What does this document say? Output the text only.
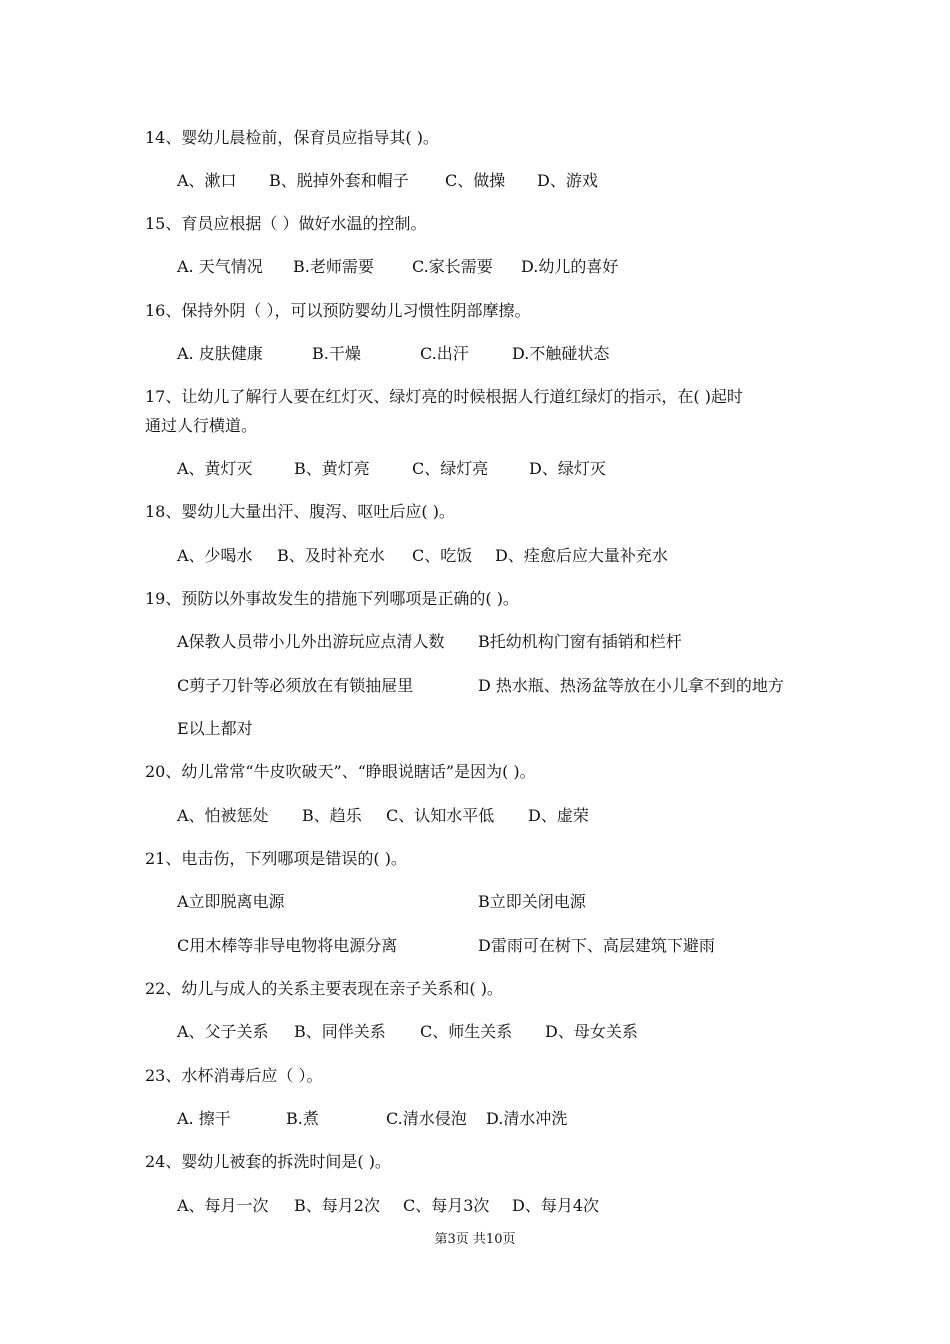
14、婴幼儿晨检前，保育员应指导其( )。
A、漱口 B、脱掉外套和帽子 C、做操 D、游戏
15、育员应根据（ ）做好水温的控制。
A. 天气情况 B.老师需要 C.家长需要 D.幼儿的喜好
16、保持外阴（ ），可以预防婴幼儿习惯性阴部摩擦。
A. 皮肤健康	B.干燥	C.出汗	D.不触碰状态
17、让幼儿了解行人要在红灯灭、绿灯亮的时候根据人行道红绿灯的指示，在( )起时
通过人行横道。
A、黄灯灭	B、黄灯亮	C、绿灯亮	D、绿灯灭
18、婴幼儿大量出汗、腹泻、呕吐后应( )。
A、少喝水 B、及时补充水 C、吃饭 D、痊愈后应大量补充水
19、预防以外事故发生的措施下列哪项是正确的( )。
A保教人员带小儿外出游玩应点清人数 B托幼机构门窗有插销和栏杆
C剪子刀针等必须放在有锁抽屉里	D 热水瓶、热汤盆等放在小儿拿不到的地方
E以上都对
20、幼儿常常“牛皮吹破天”、“睁眼说瞎话”是因为( )。
A、怕被惩处 B、趋乐 C、认知水平低 D、虚荣
21、电击伤，下列哪项是错误的( )。
A立即脱离电源	B立即关闭电源
C用木棒等非导电物将电源分离	D雷雨可在树下、高层建筑下避雨
22、幼儿与成人的关系主要表现在亲子关系和( )。
A、父子关系 B、同伴关系 C、师生关系 D、母女关系
23、水杯消毒后应（ ）。
A. 擦干	B.煮	C.清水侵泡 D.清水冲洗
24、婴幼儿被套的拆洗时间是( )。
A、每月一次 B、每月2次 C、每月3次 D、每月4次
第3页 共10页
